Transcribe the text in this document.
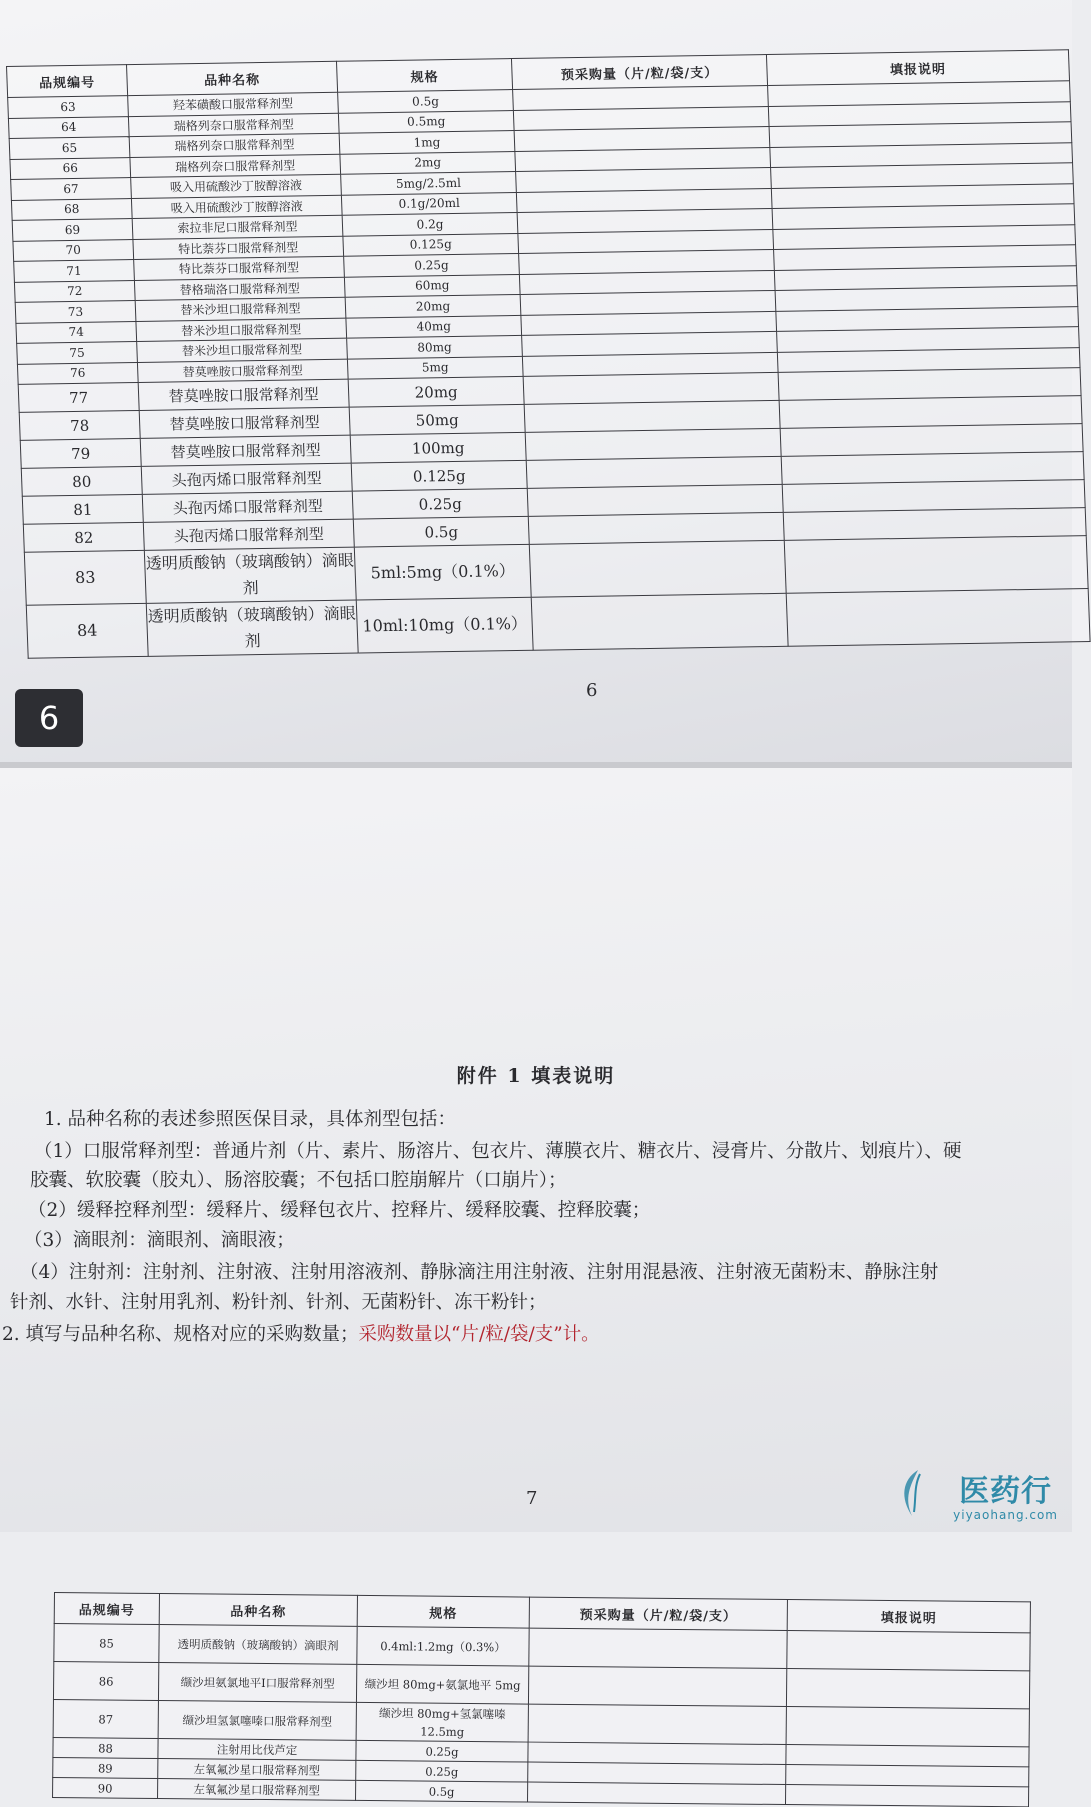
品规编号	品种名称	规格	预采购量（片/粒/袋/支）	填报说明
63	羟苯磺酸口服常释剂型	0.5g		
64	瑞格列奈口服常释剂型	0.5mg		
65	瑞格列奈口服常释剂型	1mg		
66	瑞格列奈口服常释剂型	2mg		
67	吸入用硫酸沙丁胺醇溶液	5mg/2.5ml		
68	吸入用硫酸沙丁胺醇溶液	0.1g/20ml		
69	索拉非尼口服常释剂型	0.2g		
70	特比萘芬口服常释剂型	0.125g		
71	特比萘芬口服常释剂型	0.25g		
72	替格瑞洛口服常释剂型	60mg		
73	替米沙坦口服常释剂型	20mg		
74	替米沙坦口服常释剂型	40mg		
75	替米沙坦口服常释剂型	80mg		
76	替莫唑胺口服常释剂型	5mg		
77	替莫唑胺口服常释剂型	20mg		
78	替莫唑胺口服常释剂型	50mg		
79	替莫唑胺口服常释剂型	100mg		
80	头孢丙烯口服常释剂型	0.125g		
81	头孢丙烯口服常释剂型	0.25g		
82	头孢丙烯口服常释剂型	0.5g		
83	透明质酸钠（玻璃酸钠）滴眼剂	5ml:5mg（0.1%）		
84	透明质酸钠（玻璃酸钠）滴眼剂	10ml:10mg（0.1%）		
6
6
品规编号	品种名称	规格	预采购量（片/粒/袋/支）	填报说明
85	透明质酸钠（玻璃酸钠）滴眼剂	0.4ml:1.2mg（0.3%）		
86	缬沙坦氨氯地平Ⅰ口服常释剂型	缬沙坦 80mg+氨氯地平 5mg		
87	缬沙坦氢氯噻嗪口服常释剂型	缬沙坦 80mg+氢氯噻嗪 12.5mg		
88	注射用比伐芦定	0.25g		
89	左氧氟沙星口服常释剂型	0.25g		
90	左氧氟沙星口服常释剂型	0.5g		
附件 1 填表说明
1. 品种名称的表述参照医保目录，具体剂型包括：
（1）口服常释剂型：普通片剂（片、素片、肠溶片、包衣片、薄膜衣片、糖衣片、浸膏片、分散片、划痕片）、硬
胶囊、软胶囊（胶丸）、肠溶胶囊；不包括口腔崩解片（口崩片）；
（2）缓释控释剂型：缓释片、缓释包衣片、控释片、缓释胶囊、控释胶囊；
（3）滴眼剂：滴眼剂、滴眼液；
（4）注射剂：注射剂、注射液、注射用溶液剂、静脉滴注用注射液、注射用混悬液、注射液无菌粉末、静脉注射
针剂、水针、注射用乳剂、粉针剂、针剂、无菌粉针、冻干粉针；
2. 填写与品种名称、规格对应的采购数量；采购数量以“片/粒/袋/支”计。
7	医药行
yiyaohang.com
